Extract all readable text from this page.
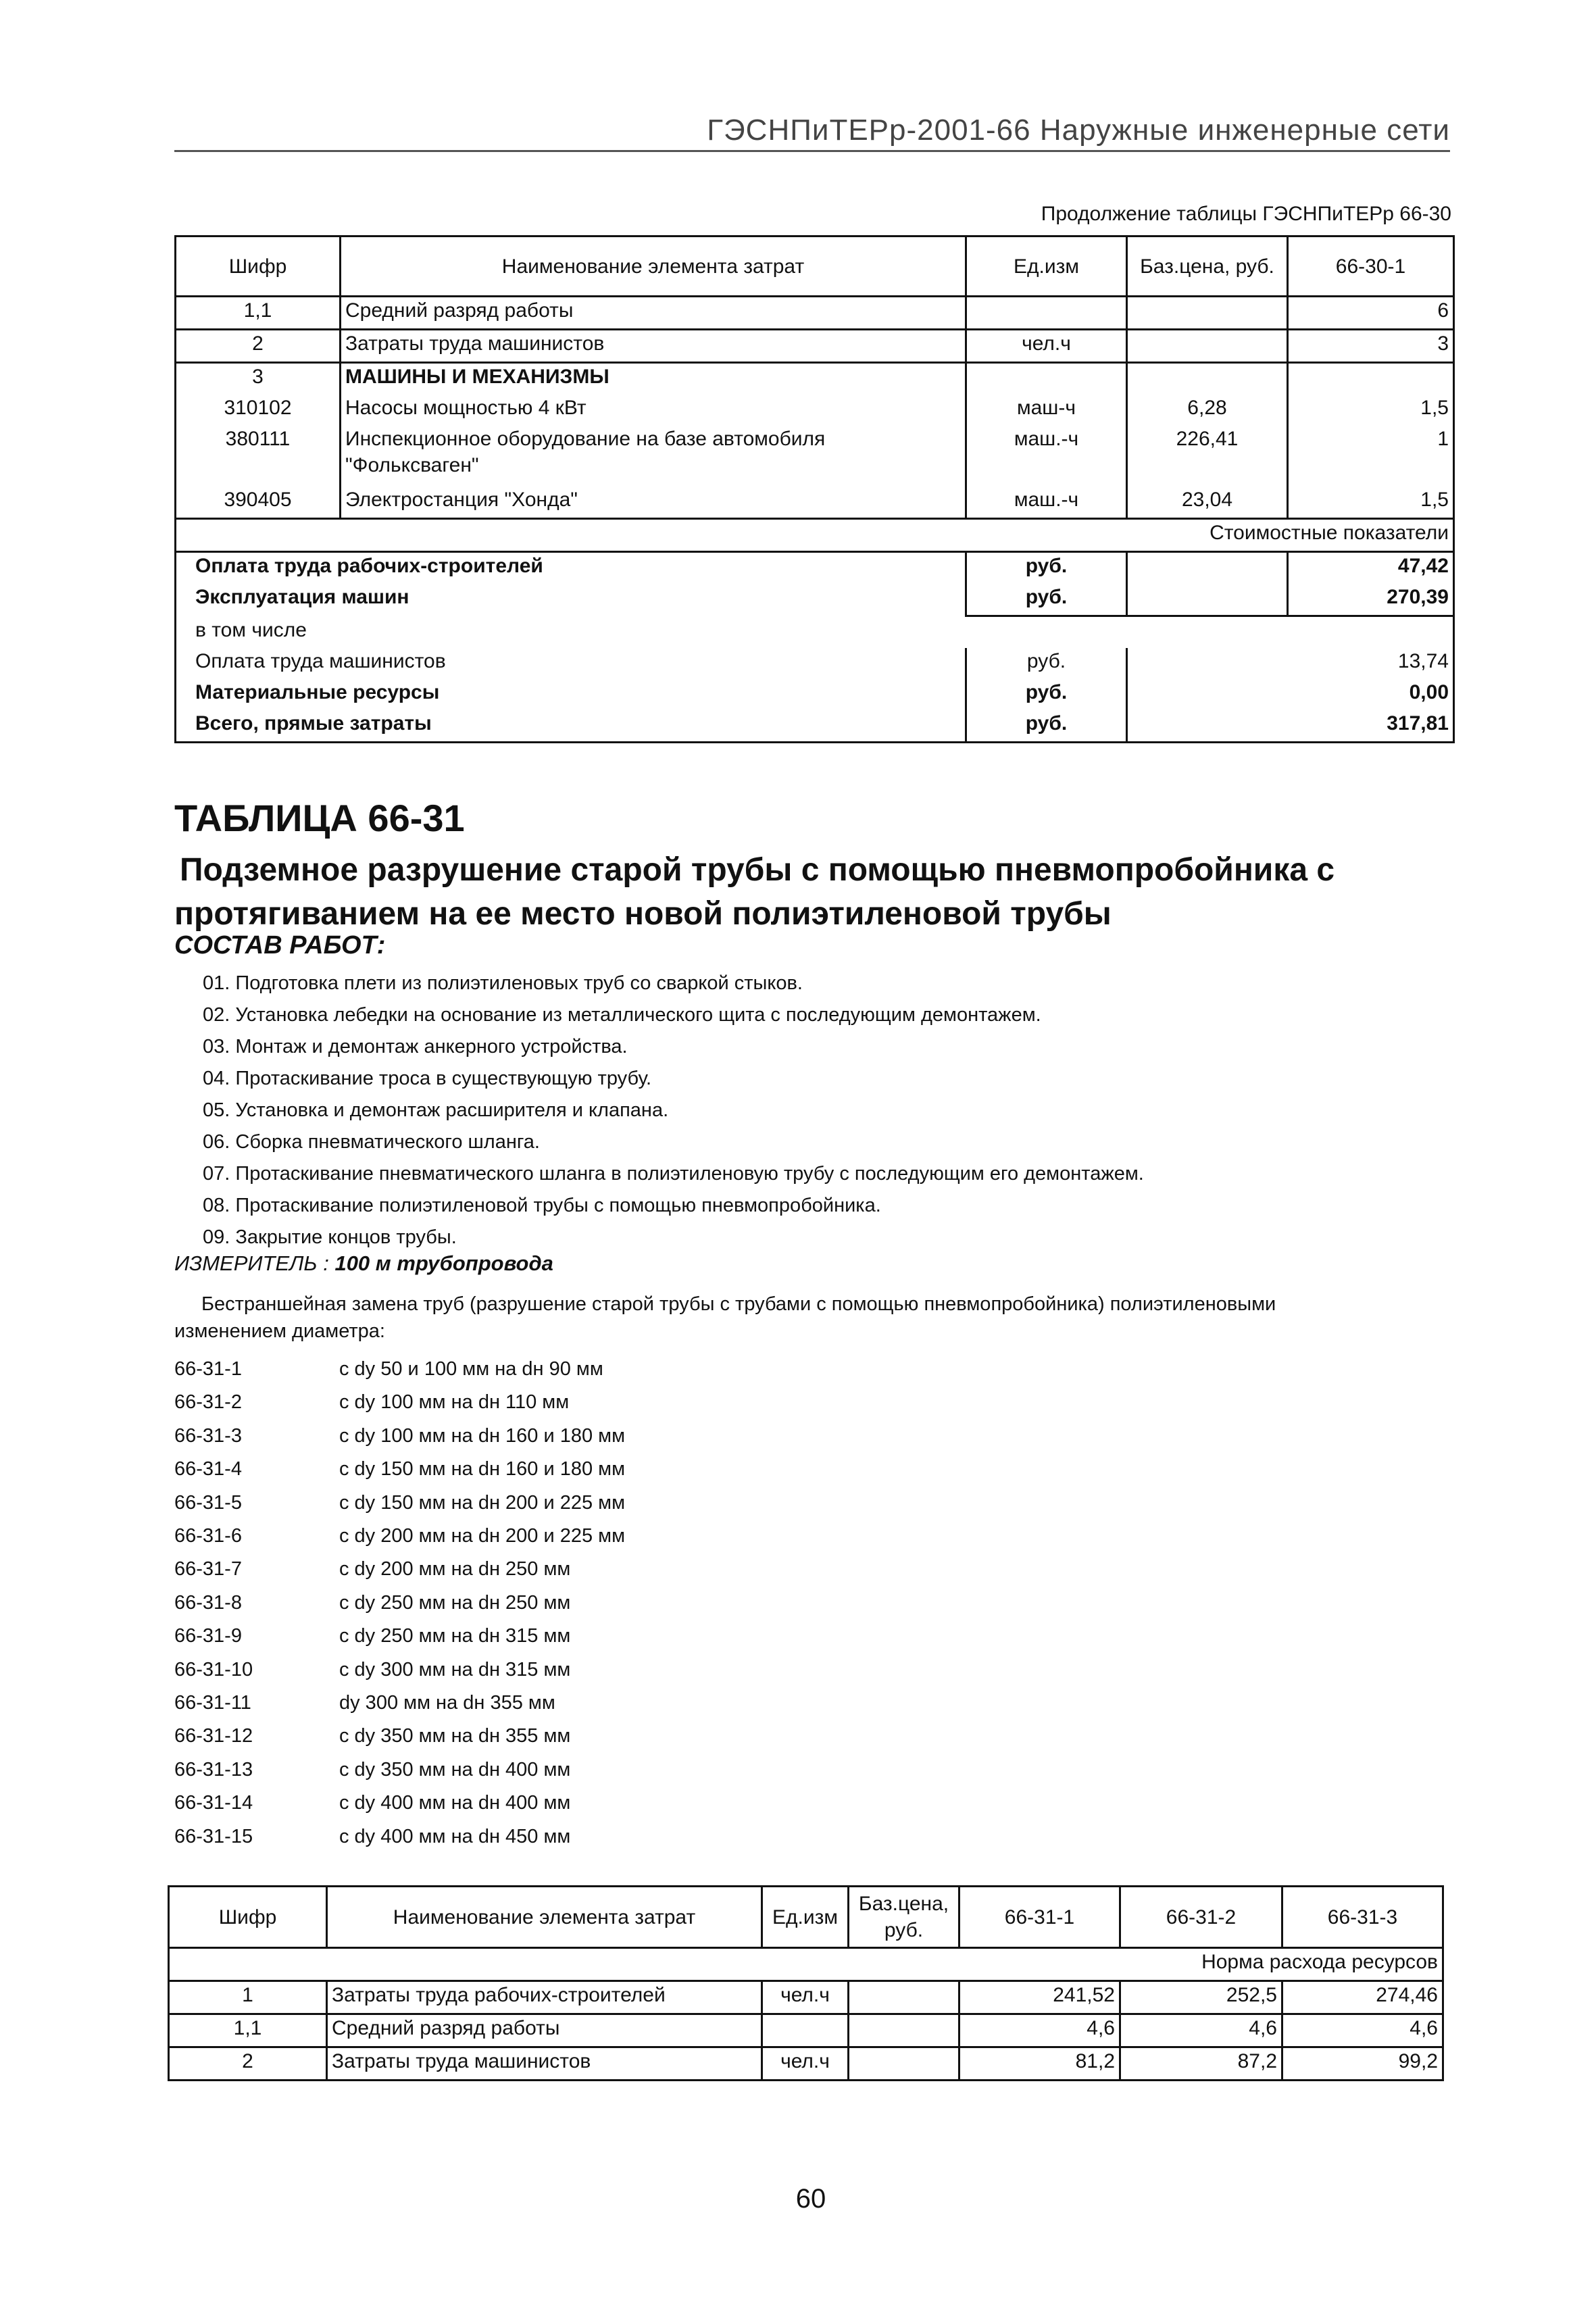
ГЭСНПиТЕРр-2001-66 Наружные инженерные сети
Продолжение таблицы ГЭСНПиТЕРр 66-30
Шифр	Наименование элемента затрат	Ед.изм	Баз.цена, руб.	66-30-1
1,1	Средний разряд работы			6
2	Затраты труда машинистов	чел.ч		3
3	МАШИНЫ И МЕХАНИЗМЫ			
310102	Насосы мощностью 4 кВт	маш-ч	6,28	1,5
380111	Инспекционное оборудование на базе автомобиля "Фольксваген"	маш.-ч	226,41	1
390405	Электростанция "Хонда"	маш.-ч	23,04	1,5
Стоимостные показатели				
Оплата труда рабочих-строителей		руб.		47,42
Эксплуатация машин		руб.		270,39
в том числе				
Оплата труда машинистов		руб.		13,74
Материальные ресурсы		руб.		0,00
Всего, прямые затраты		руб.		317,81
ТАБЛИЦА 66-31
Подземное разрушение старой трубы с помощью пневмопробойника с
протягиванием на ее место новой полиэтиленовой трубы
СОСТАВ РАБОТ:
01. Подготовка плети из полиэтиленовых труб со сваркой стыков.
02. Установка лебедки на основание из металлического щита с последующим демонтажем.
03. Монтаж и демонтаж анкерного устройства.
04. Протаскивание троса в существующую трубу.
05. Установка и демонтаж расширителя и клапана.
06. Сборка пневматического шланга.
07. Протаскивание пневматического шланга в полиэтиленовую трубу с последующим его демонтажем.
08. Протаскивание полиэтиленовой трубы с помощью пневмопробойника.
09. Закрытие концов трубы.
ИЗМЕРИТЕЛЬ : 100 м трубопровода
Бестраншейная замена труб (разрушение старой трубы с трубами с помощью пневмопробойника) полиэтиленовыми
изменением диаметра:
66-31-1	с dy 50 и 100 мм на dн 90 мм
66-31-2	с dy 100 мм на dн 110 мм
66-31-3	с dy 100 мм на dн 160 и 180 мм
66-31-4	с dy 150 мм на dн 160 и 180 мм
66-31-5	с dy 150 мм на dн 200 и 225 мм
66-31-6	с dy 200 мм на dн 200 и 225 мм
66-31-7	с dy 200 мм на dн 250 мм
66-31-8	с dy 250 мм на dн 250 мм
66-31-9	с dy 250 мм на dн 315 мм
66-31-10	с dy 300 мм на dн 315 мм
66-31-11	dy 300 мм на dн 355 мм
66-31-12	с dy 350 мм на dн 355 мм
66-31-13	с dy 350 мм на dн 400 мм
66-31-14	с dy 400 мм на dн 400 мм
66-31-15	с dy 400 мм на dн 450 мм
Шифр	Наименование элемента затрат	Ед.изм	Баз.цена, руб.	66-31-1	66-31-2	66-31-3
Норма расхода ресурсов						
1	Затраты труда рабочих-строителей	чел.ч		241,52	252,5	274,46
1,1	Средний разряд работы			4,6	4,6	4,6
2	Затраты труда машинистов	чел.ч		81,2	87,2	99,2
60
